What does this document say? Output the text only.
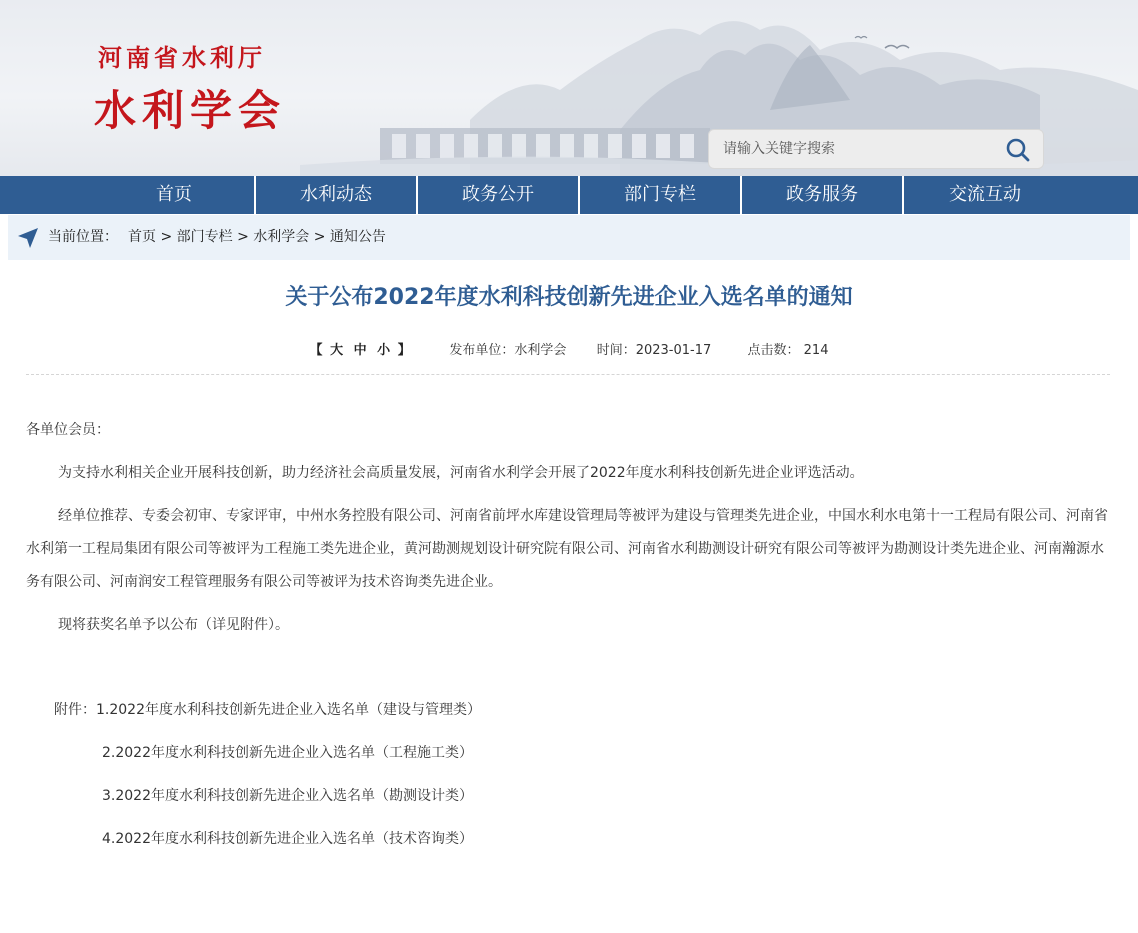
河南省水利厅
水利学会
请输入关键字搜索
首页	水利动态	政务公开	部门专栏	政务服务	交流互动
当前位置： 首页 > 部门专栏 > 水利学会 > 通知公告
关于公布2022年度水利科技创新先进企业入选名单的通知
【 大 中 小 】	发布单位：水利学会 时间：2023-01-17	点击数： 214

各单位会员：

为支持水利相关企业开展科技创新，助力经济社会高质量发展，河南省水利学会开展了2022年度水利科技创新先进企业评选活动。

经单位推荐、专委会初审、专家评审，中州水务控股有限公司、河南省前坪水库建设管理局等被评为建设与管理类先进企业，中国水利水电第十一工程局有限公司、河南省水利第一工程局集团有限公司等被评为工程施工类先进企业，黄河勘测规划设计研究院有限公司、河南省水利勘测设计研究有限公司等被评为勘测设计类先进企业、河南瀚源水务有限公司、河南润安工程管理服务有限公司等被评为技术咨询类先进企业。

现将获奖名单予以公布（详见附件）。

附件：1.2022年度水利科技创新先进企业入选名单（建设与管理类）
2.2022年度水利科技创新先进企业入选名单（工程施工类）
3.2022年度水利科技创新先进企业入选名单（勘测设计类）
4.2022年度水利科技创新先进企业入选名单（技术咨询类）
